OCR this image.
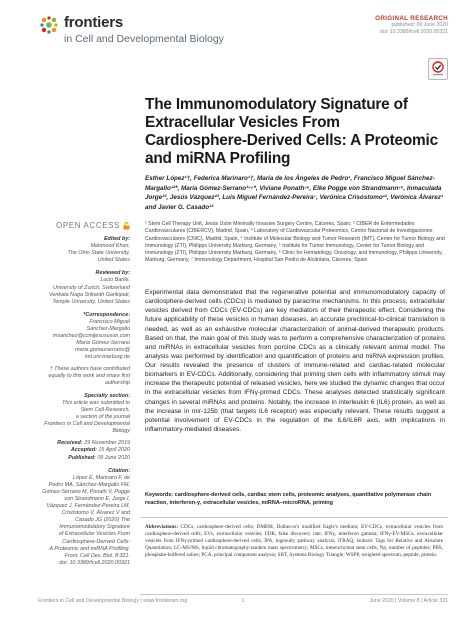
frontiers
in Cell and Developmental Biology
ORIGINAL RESEARCH
published: 09 June 2020
doi: 10.3389/fcell.2020.00321
The Immunomodulatory Signature of Extracellular Vesicles From Cardiosphere-Derived Cells: A Proteomic and miRNA Profiling
Esther López¹†, Federica Marinaro¹†, María de los Ángeles de Pedro¹, Francisco Miguel Sánchez-Margallo¹²*, María Gómez-Serrano³⁴⁵*, Viviane Ponath⁵⁶, Elke Pogge von Strandmann⁵⁶, Inmaculada Jorge²³, Jesús Vázquez²³, Luis Miguel Fernández-Pereira⁷, Verónica Crisóstomo¹², Verónica Álvarez¹ and Javier G. Casado¹²
¹ Stem Cell Therapy Unit, Jesús Usón Minimally Invasive Surgery Centre, Cáceres, Spain, ² CIBER de Enfermedades Cardiovasculares (CIBERCV), Madrid, Spain, ³ Laboratory of Cardiovascular Proteomics, Centro Nacional de Investigaciones Cardiovasculares (CNIC), Madrid, Spain, ⁴ Institute of Molecular Biology and Tumor Research (IMT), Center for Tumor Biology and Immunology (ZTI), Philipps University Marburg, Germany, ⁵ Institute for Tumor Immunology, Center for Tumor Biology and Immunology (ZTI), Philipps University Marburg, Germany, ⁶ Clinic for Hematology, Oncology, and Immunology, Philipps University, Marburg, Germany, ⁷ Immunology Department, Hospital San Pedro de Alcántara, Cáceres, Spain
OPEN ACCESS
Edited by:
Mahmood Khan,
The Ohio State University,
United States
Reviewed by:
Lucio Barile,
University of Zurich, Switzerland
Venkata Naga Srikanth Garikipati,
Temple University, United States
*Correspondence:
Francisco Miguel
Sánchez-Margallo
msanchez@ccmijesususon.com
María Gómez-Serrano
maria.gomezserrano@
imt.uni-marburg.de
† These authors have contributed equally to this work and share first authorship
Specialty section:
This article was submitted to
Stem Cell Research,
a section of the journal
Frontiers in Cell and Developmental
Biology
Received: 29 November 2019
Accepted: 15 April 2020
Published: 09 June 2020
Citation:
López E, Marinaro F, de
Pedro MA, Sánchez-Margallo FM,
Gómez-Serrano M, Ponath V, Pogge
von Strandmann E, Jorge I,
Vázquez J, Fernández-Pereira LM,
Crisóstomo V, Álvarez V and
Casado JG (2020) The
Immunomodulatory Signature
of Extracellular Vesicles From
Cardiosphere-Derived Cells:
A Proteomic and miRNA Profiling.
Front. Cell Dev. Biol. 8:321.
doi: 10.3389/fcell.2020.00321
Experimental data demonstrated that the regenerative potential and immunomodulatory capacity of cardiosphere-derived cells (CDCs) is mediated by paracrine mechanisms. In this process, extracellular vesicles derived from CDCs (EV-CDCs) are key mediators of their therapeutic effect. Considering the future applicability of these vesicles in human diseases, an accurate preclinical-to-clinical translation is needed, as well as an exhaustive molecular characterization of animal-derived therapeutic products. Based on that, the main goal of this study was to perform a comprehensive characterization of proteins and miRNAs in extracellular vesicles from porcine CDCs as a clinically relevant animal model. The analysis was performed by identification and quantification of proteins and miRNA expression profiles. Our results revealed the presence of clusters of immune-related and cardiac-related molecular biomarkers in EV-CDCs. Additionally, considering that priming stem cells with inflammatory stimuli may increase the therapeutic potential of released vesicles, here we studied the dynamic changes that occur in the extracellular vesicles from IFNγ-primed CDCs. These analyses detected statistically significant changes in several miRNAs and proteins. Notably, the increase in interleukin 6 (IL6) protein, as well as the increase in mir-125b (that targets IL6 receptor) was especially relevant. These results suggest a potential involvement of EV-CDCs in the regulation of the IL6/IL6R axis, with implications in inflammatory-mediated diseases.
Keywords: cardiosphere-derived cells, cardiac stem cells, proteomic analyses, quantitative polymerase chain reaction, interferon-γ, extracellular vesicles, miRNA–microRNA, priming
Abbreviations: CDCs, cardiosphere-derived cells; DMEM, Dulbecco's modified Eagle's medium; EV-CDCs, extracellular vesicles from cardiosphere-derived cells; EVs, extracellular vesicles; FDR, false discovery rate; IFNγ, interferon gamma; IFNγ-EV-MSCs, extracellular vesicles from IFNγ-primed cardiosphere-derived cells; IPA, ingenuity pathway analysis; iTRAQ, isobaric Tags for Relative and Absolute Quantitation; LC-MS/MS, liquid chromatography-tandem mass spectrometry; MSCs, mesenchymal stem cells; Np, number of peptides; PBS, phosphate-buffered saline; PCA, principal component analysis; SBT, Systems Biology Triangle; WSPP, weighted spectrum, peptide, protein.
Frontiers in Cell and Developmental Biology | www.frontiersin.org	1	June 2020 | Volume 8 | Article 321
